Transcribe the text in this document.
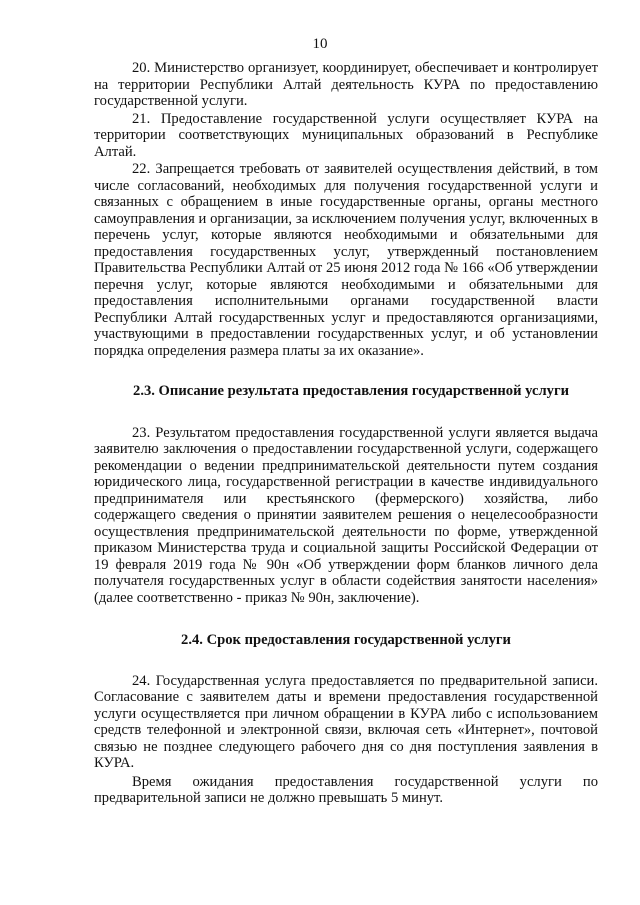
10

20. Министерство организует, координирует, обеспечивает и контролирует на территории Республики Алтай деятельность КУРА по предоставлению государственной услуги.

21. Предоставление государственной услуги осуществляет КУРА на территории соответствующих муниципальных образований в Республике Алтай.

22. Запрещается требовать от заявителей осуществления действий, в том числе согласований, необходимых для получения государственной услуги и связанных с обращением в иные государственные органы, органы местного самоуправления и организации, за исключением получения услуг, включенных в перечень услуг, которые являются необходимыми и обязательными для предоставления государственных услуг, утвержденный постановлением Правительства Республики Алтай от 25 июня 2012 года № 166 «Об утверждении перечня услуг, которые являются необходимыми и обязательными для предоставления исполнительными органами государственной власти Республики Алтай государственных услуг и предоставляются организациями, участвующими в предоставлении государственных услуг, и об установлении порядка определения размера платы за их оказание».

2.3. Описание результата предоставления государственной услуги

23. Результатом предоставления государственной услуги является выдача заявителю заключения о предоставлении государственной услуги, содержащего рекомендации о ведении предпринимательской деятельности путем создания юридического лица, государственной регистрации в качестве индивидуального предпринимателя или крестьянского (фермерского) хозяйства, либо содержащего сведения о принятии заявителем решения о нецелесообразности осуществления предпринимательской деятельности по форме, утвержденной приказом Министерства труда и социальной защиты Российской Федерации от 19 февраля 2019 года № 90н «Об утверждении форм бланков личного дела получателя государственных услуг в области содействия занятости населения» (далее соответственно - приказ № 90н, заключение).

2.4. Срок предоставления государственной услуги

24. Государственная услуга предоставляется по предварительной записи. Согласование с заявителем даты и времени предоставления государственной услуги осуществляется при личном обращении в КУРА либо с использованием средств телефонной и электронной связи, включая сеть «Интернет», почтовой связью не позднее следующего рабочего дня со дня поступления заявления в КУРА.

Время ожидания предоставления государственной услуги по предварительной записи не должно превышать 5 минут.
